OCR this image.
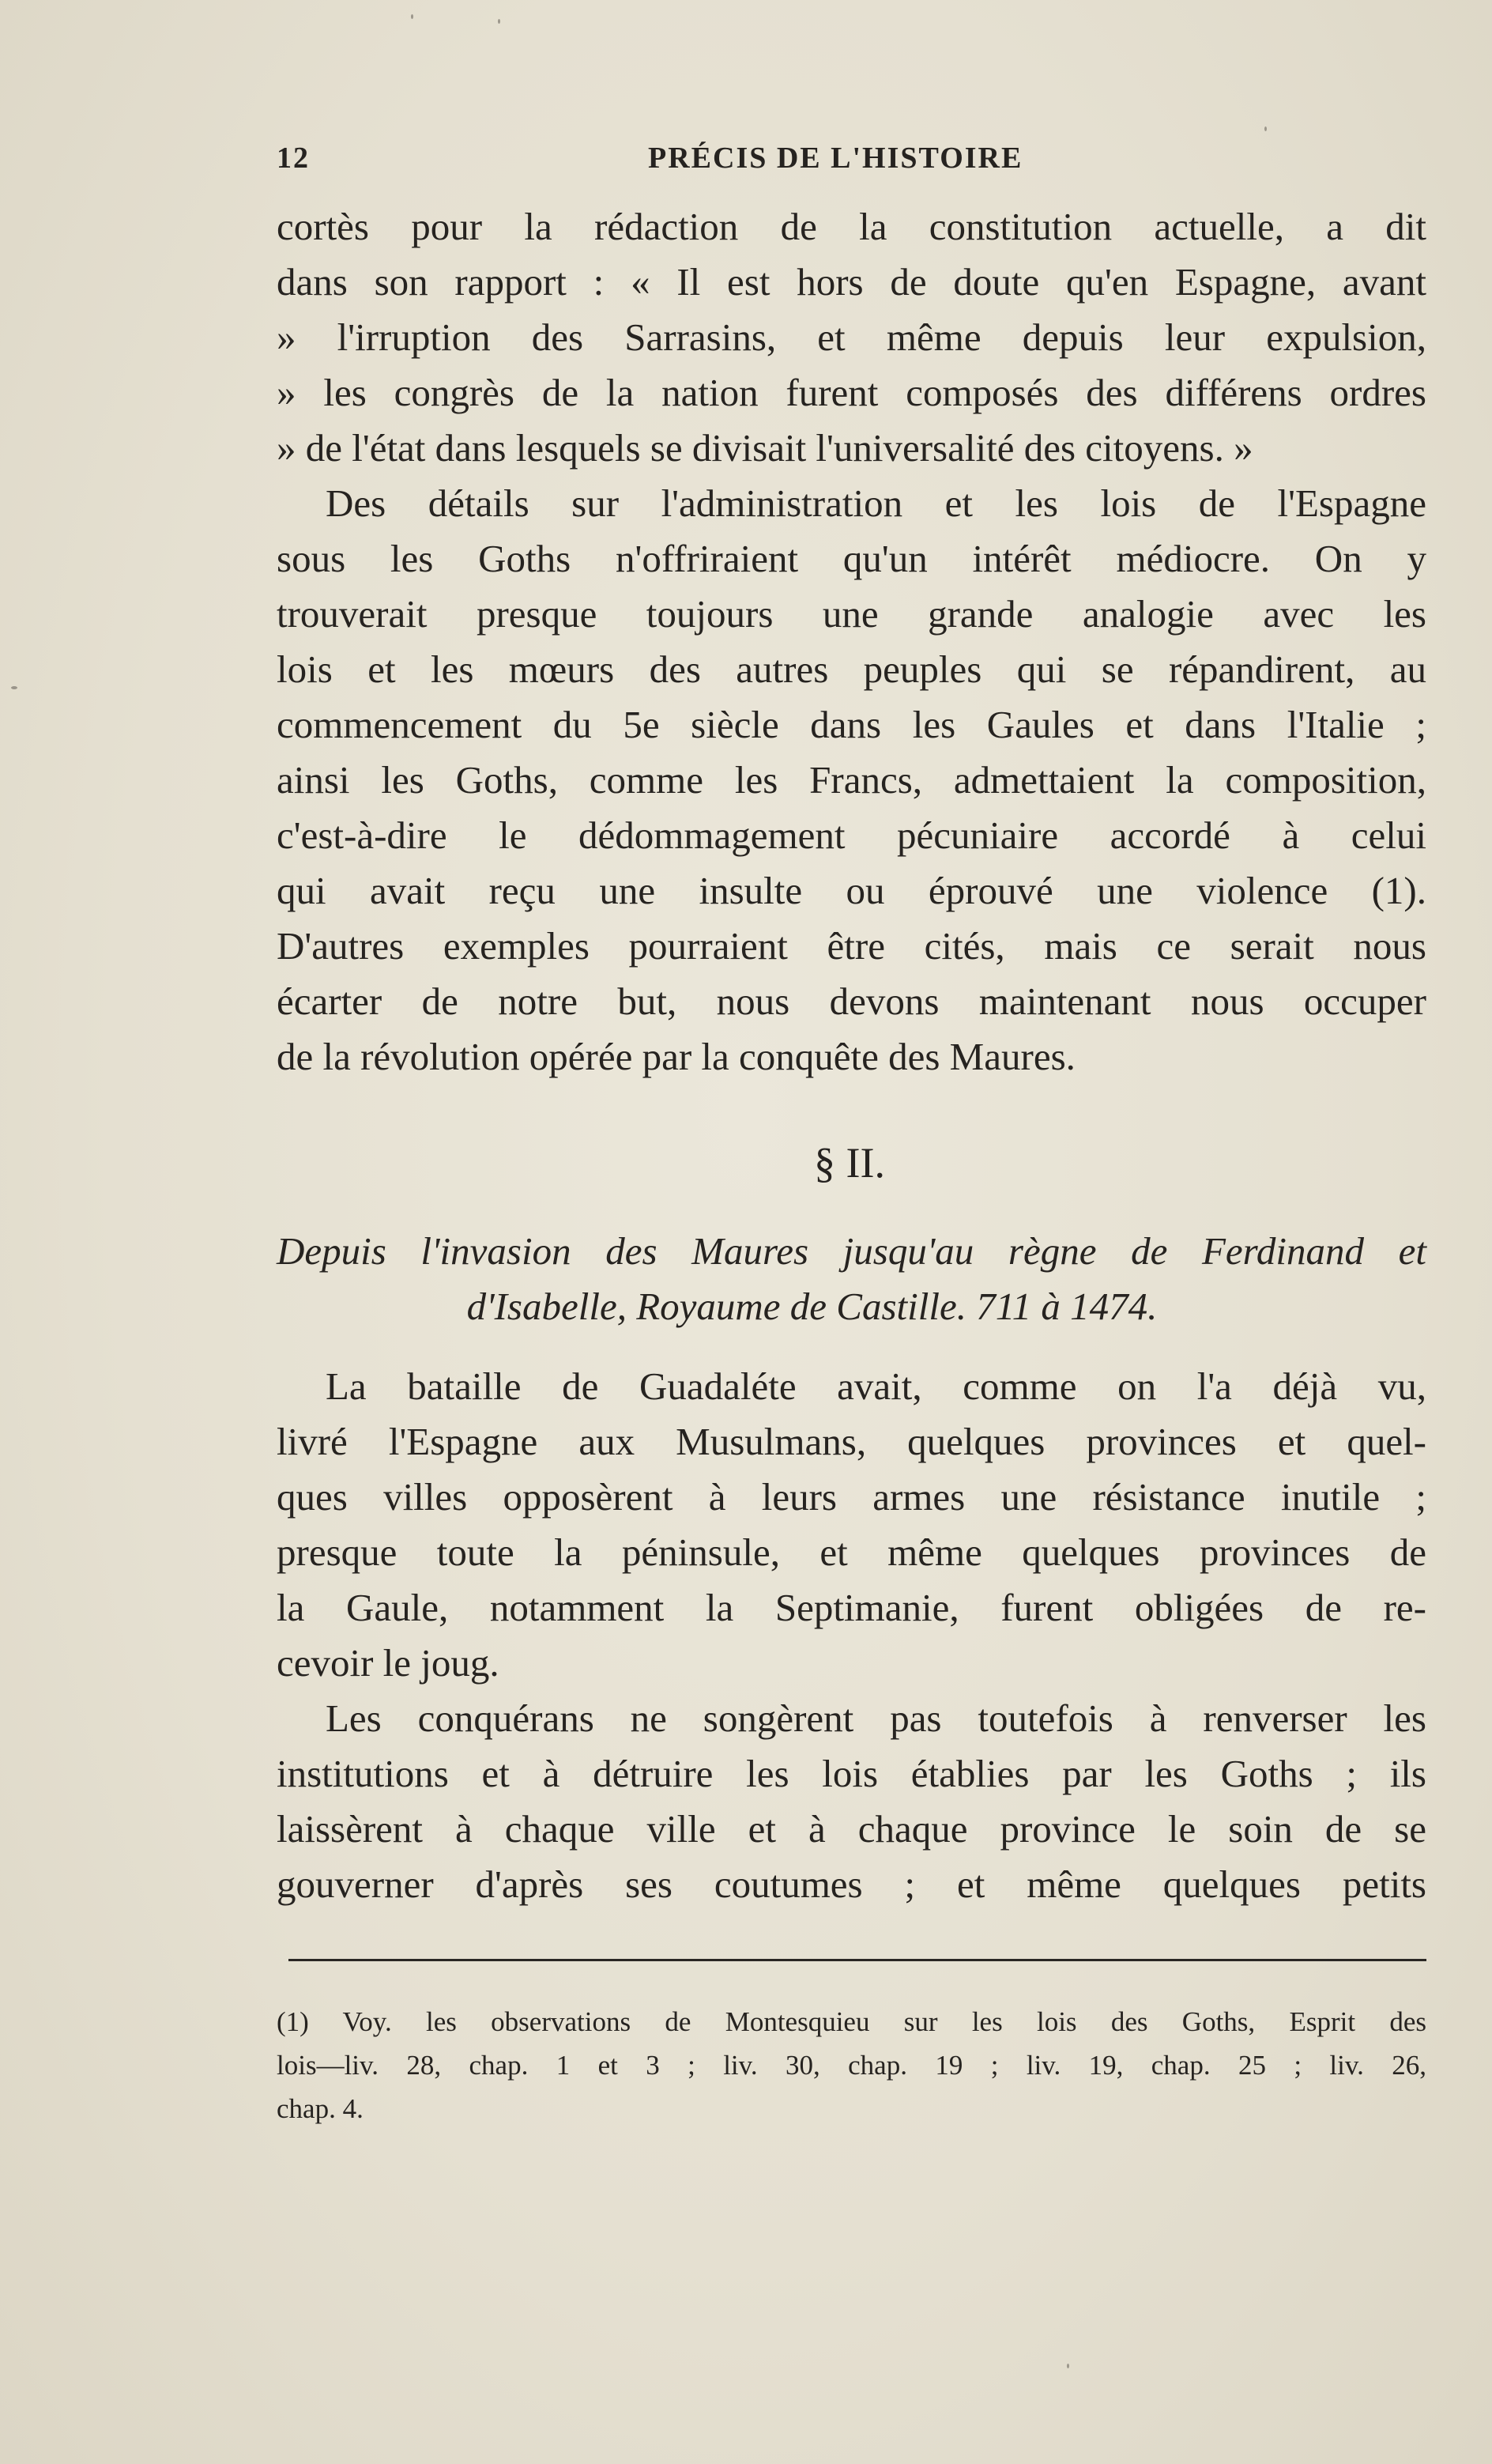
12	PRÉCIS DE L'HISTOIRE
cortès pour la rédaction de la constitution actuelle, a dit
dans son rapport : « Il est hors de doute qu'en Espagne, avant
» l'irruption des Sarrasins, et même depuis leur expulsion,
» les congrès de la nation furent composés des différens ordres
» de l'état dans lesquels se divisait l'universalité des citoyens. »
Des détails sur l'administration et les lois de l'Espagne
sous les Goths n'offriraient qu'un intérêt médiocre. On y
trouverait presque toujours une grande analogie avec les
lois et les mœurs des autres peuples qui se répandirent, au
commencement du 5e siècle dans les Gaules et dans l'Italie ;
ainsi les Goths, comme les Francs, admettaient la composition,
c'est-à-dire le dédommagement pécuniaire accordé à celui
qui avait reçu une insulte ou éprouvé une violence (1).
D'autres exemples pourraient être cités, mais ce serait nous
écarter de notre but, nous devons maintenant nous occuper
de la révolution opérée par la conquête des Maures.
§ II.
Depuis l'invasion des Maures jusqu'au règne de Ferdinand et
d'Isabelle, Royaume de Castille. 711 à 1474.
La bataille de Guadaléte avait, comme on l'a déjà vu,
livré l'Espagne aux Musulmans, quelques provinces et quel-
ques villes opposèrent à leurs armes une résistance inutile ;
presque toute la péninsule, et même quelques provinces de
la Gaule, notamment la Septimanie, furent obligées de re-
cevoir le joug.
Les conquérans ne songèrent pas toutefois à renverser les
institutions et à détruire les lois établies par les Goths ; ils
laissèrent à chaque ville et à chaque province le soin de se
gouverner d'après ses coutumes ; et même quelques petits
(1) Voy. les observations de Montesquieu sur les lois des Goths, Esprit des
lois—liv. 28, chap. 1 et 3 ; liv. 30, chap. 19 ; liv. 19, chap. 25 ; liv. 26,
chap. 4.
